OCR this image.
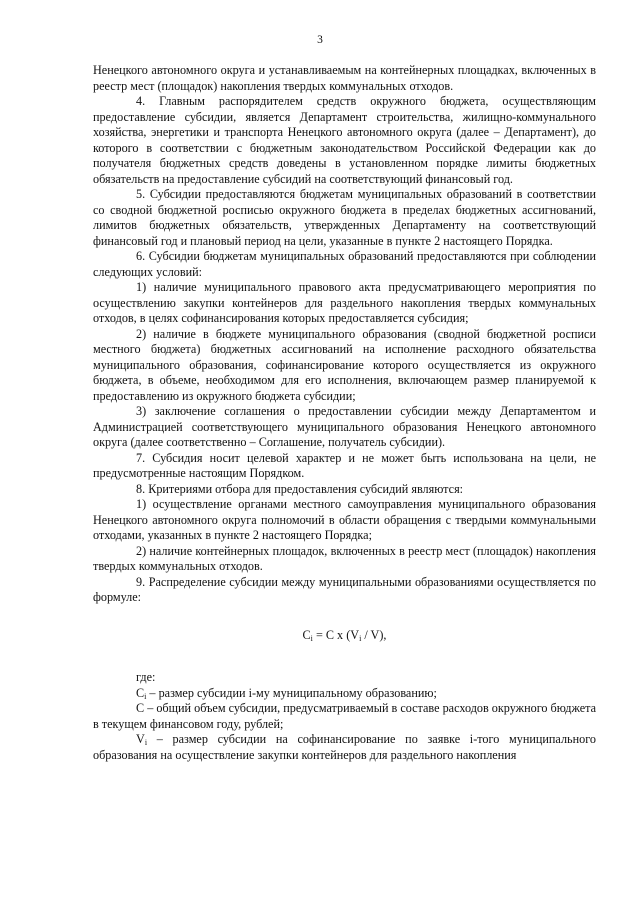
3

Ненецкого автономного округа и устанавливаемым на контейнерных площадках, включенных в реестр мест (площадок) накопления твердых коммунальных отходов.

4. Главным распорядителем средств окружного бюджета, осуществляющим предоставление субсидии, является Департамент строительства, жилищно-коммунального хозяйства, энергетики и транспорта Ненецкого автономного округа (далее – Департамент), до которого в соответствии с бюджетным законодательством Российской Федерации как до получателя бюджетных средств доведены в установленном порядке лимиты бюджетных обязательств на предоставление субсидий на соответствующий финансовый год.

5. Субсидии предоставляются бюджетам муниципальных образований в соответствии со сводной бюджетной росписью окружного бюджета в пределах бюджетных ассигнований, лимитов бюджетных обязательств, утвержденных Департаменту на соответствующий финансовый год и плановый период на цели, указанные в пункте 2 настоящего Порядка.

6. Субсидии бюджетам муниципальных образований предоставляются при соблюдении следующих условий:

1) наличие муниципального правового акта предусматривающего мероприятия по осуществлению закупки контейнеров для раздельного накопления твердых коммунальных отходов, в целях софинансирования которых предоставляется субсидия;

2) наличие в бюджете муниципального образования (сводной бюджетной росписи местного бюджета) бюджетных ассигнований на исполнение расходного обязательства муниципального образования, софинансирование которого осуществляется из окружного бюджета, в объеме, необходимом для его исполнения, включающем размер планируемой к предоставлению из окружного бюджета субсидии;

3) заключение соглашения о предоставлении субсидии между Департаментом и Администрацией соответствующего муниципального образования Ненецкого автономного округа (далее соответственно – Соглашение, получатель субсидии).

7. Субсидия носит целевой характер и не может быть использована на цели, не предусмотренные настоящим Порядком.

8. Критериями отбора для предоставления субсидий являются:

1) осуществление органами местного самоуправления муниципального образования Ненецкого автономного округа полномочий в области обращения с твердыми коммунальными отходами, указанных в пункте 2 настоящего Порядка;

2) наличие контейнерных площадок, включенных в реестр мест (площадок) накопления твердых коммунальных отходов.

9. Распределение субсидии между муниципальными образованиями осуществляется по формуле:

$C_i = C$ x $(V_i / V)$,

где:

$C_i$ – размер субсидии i-му муниципальному образованию;

C – общий объем субсидии, предусматриваемый в составе расходов окружного бюджета в текущем финансовом году, рублей;

$V_i$ – размер субсидии на софинансирование по заявке i-того муниципального образования на осуществление закупки контейнеров для раздельного накопления
